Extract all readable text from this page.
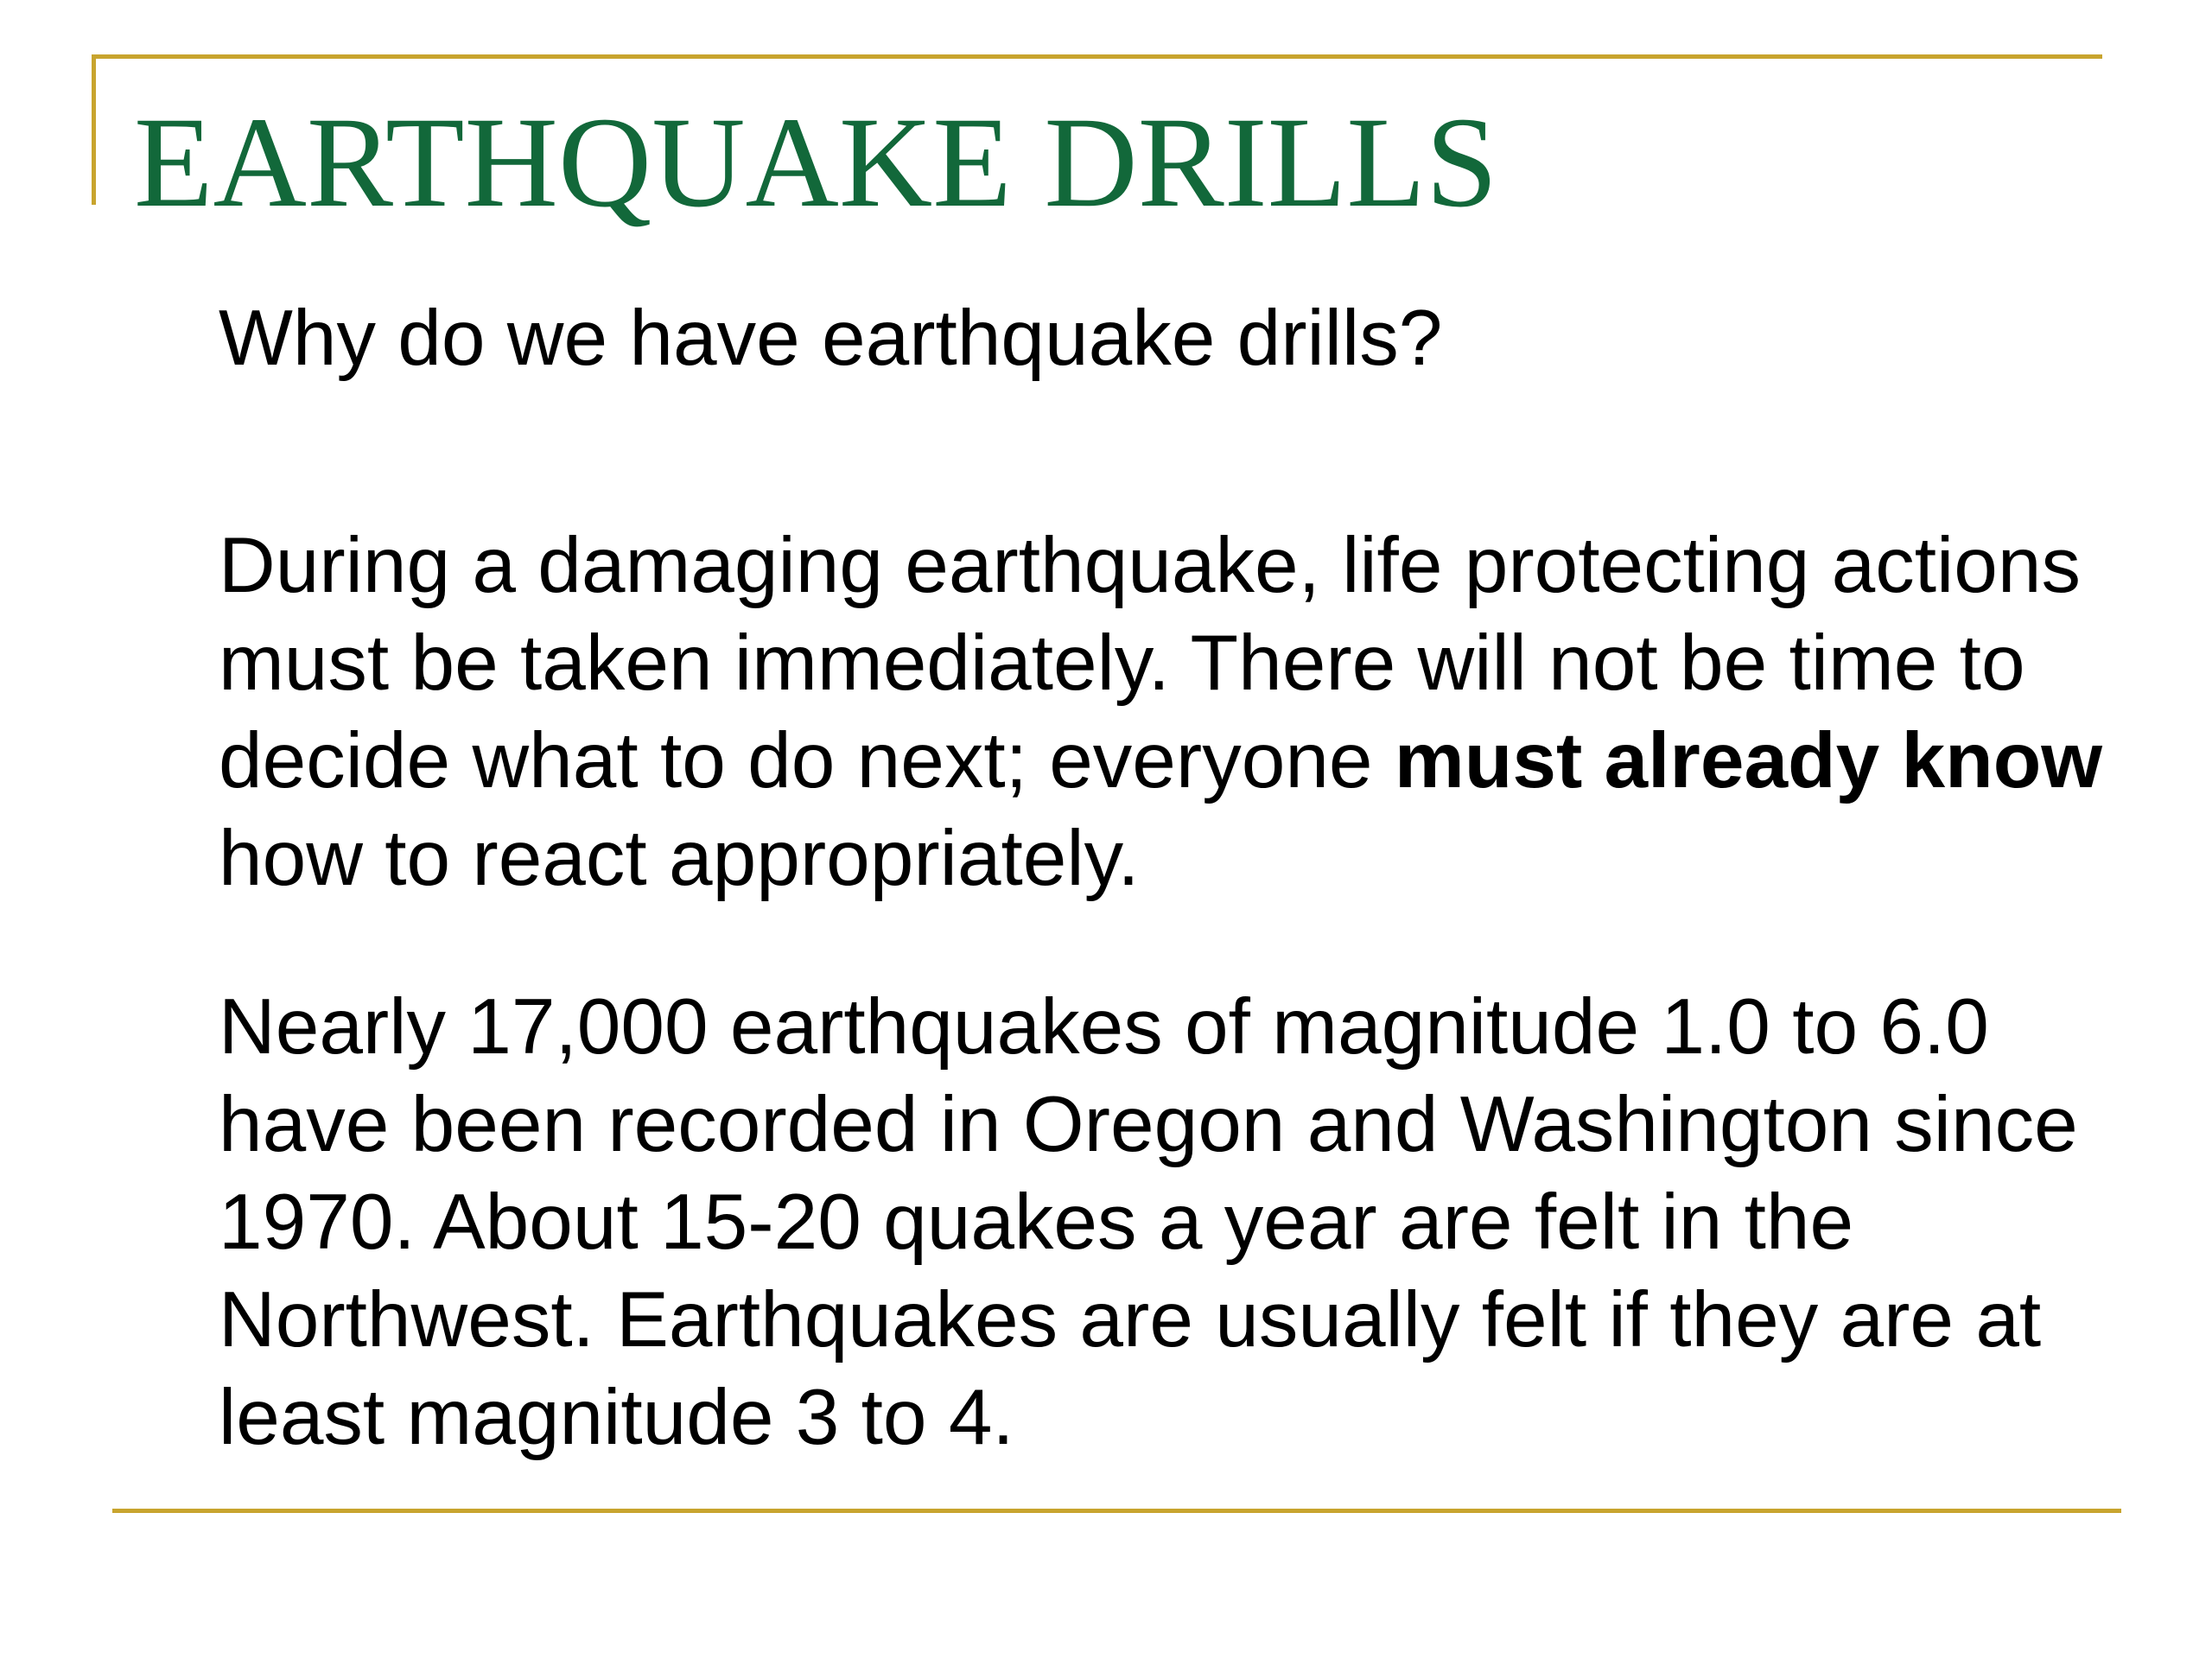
EARTHQUAKE DRILLS

Why do we have earthquake drills?

During a damaging earthquake, life protecting actions must be taken immediately. There will not be time to decide what to do next; everyone must already know how to react appropriately.

Nearly 17,000 earthquakes of magnitude 1.0 to 6.0 have been recorded in Oregon and Washington since 1970. About 15-20 quakes a year are felt in the Northwest. Earthquakes are usually felt if they are at least magnitude 3 to 4.
